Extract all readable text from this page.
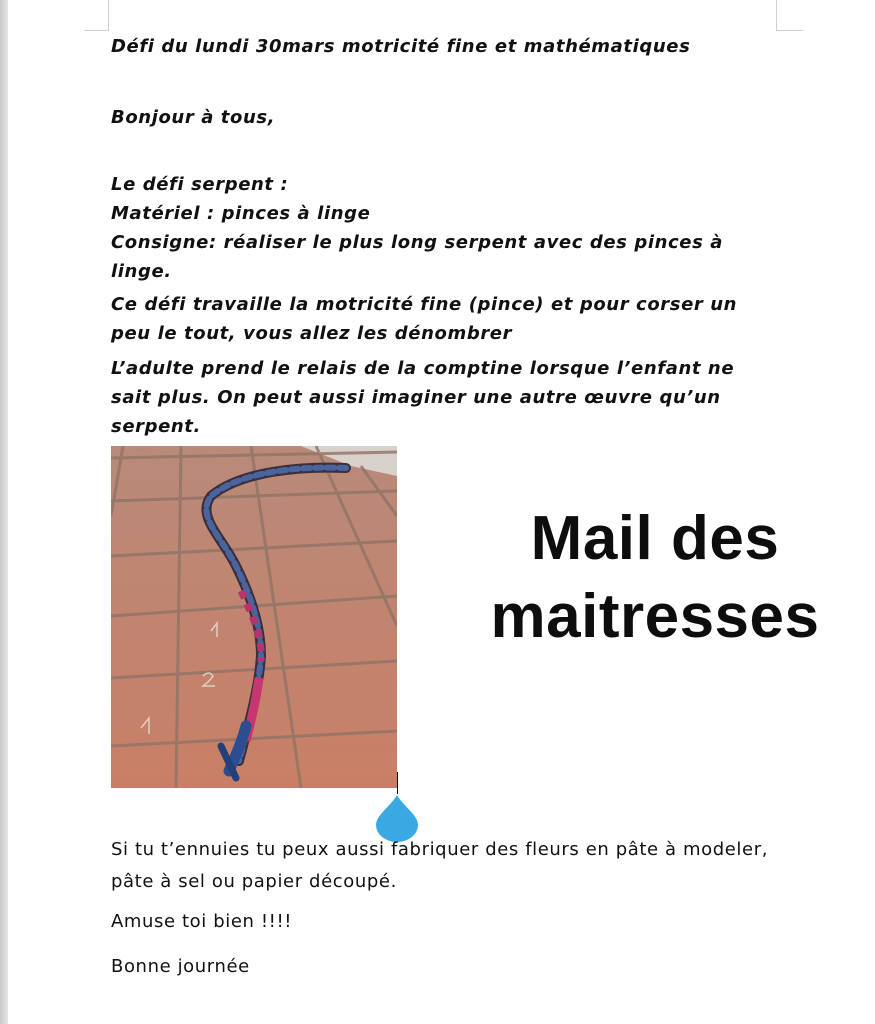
Défi du lundi 30mars motricité fine et mathématiques

Bonjour à tous,

Le défi serpent :

Matériel : pinces à linge

Consigne: réaliser le plus long serpent avec des pinces à linge.

Ce défi travaille la motricité fine (pince) et pour corser un peu le tout, vous allez les dénombrer

L’adulte prend le relais de la comptine lorsque l’enfant ne sait plus. On peut aussi imaginer une autre œuvre qu’un serpent.

Mail des
maitresses

Si tu t’ennuies tu peux aussi fabriquer des fleurs en pâte à modeler, pâte à sel ou papier découpé.

Amuse toi bien !!!!

Bonne journée
